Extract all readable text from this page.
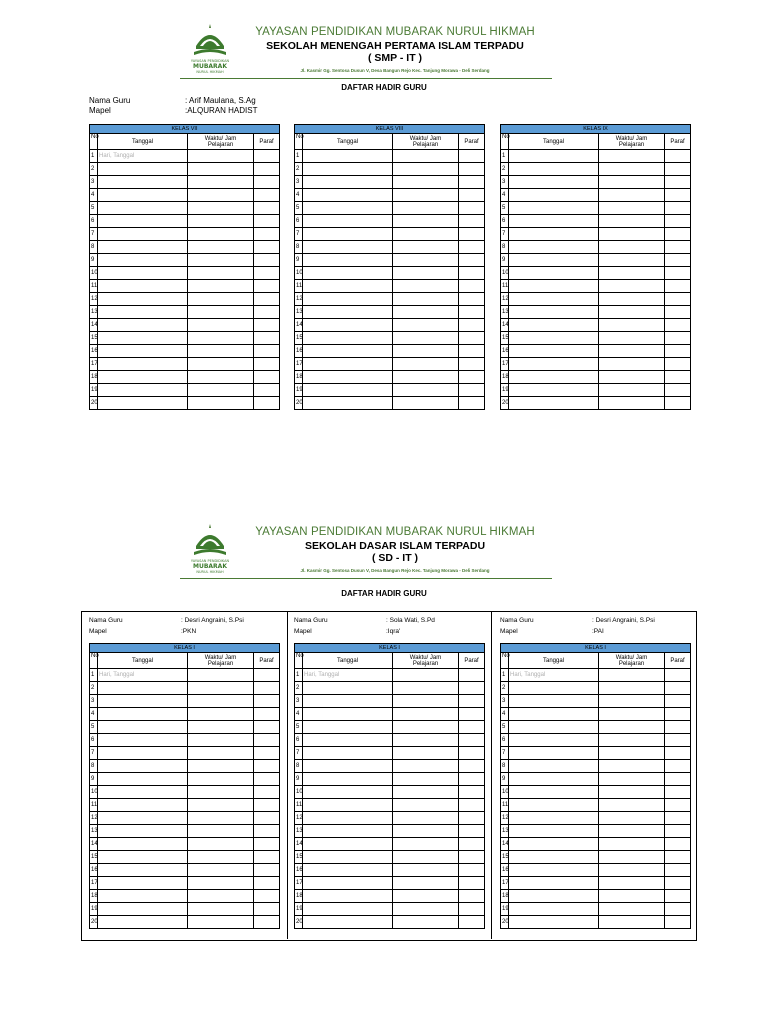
YAYASAN PENDIDIKAN
MUBARAK
NURUL HIKMAH
YAYASAN PENDIDIKAN MUBARAK NURUL HIKMAH
SEKOLAH MENENGAH PERTAMA ISLAM TERPADU
( SMP - IT )
Jl. Kasmir Gg. Sentosa Dusun V, Desa Bangun Rejo Kec. Tanjung Morawa - Deli Serdang
DAFTAR HADIR GURU
Nama Guru	: Arif Maulana, S.Ag
Mapel	:ALQURAN HADIST
KELAS VII			
No	Tanggal	Waktu/ Jam Pelajaran	Paraf
1	Hari, Tanggal		
2			
3			
4			
5			
6			
7			
8			
9			
10			
11			
12			
13			
14			
15			
16			
17			
18			
19			
20			
KELAS VIII			
No	Tanggal	Waktu/ Jam Pelajaran	Paraf
1			
2			
3			
4			
5			
6			
7			
8			
9			
10			
11			
12			
13			
14			
15			
16			
17			
18			
19			
20			
KELAS IX			
No	Tanggal	Waktu/ Jam Pelajaran	Paraf
1			
2			
3			
4			
5			
6			
7			
8			
9			
10			
11			
12			
13			
14			
15			
16			
17			
18			
19			
20			
YAYASAN PENDIDIKAN
MUBARAK
NURUL HIKMAH
YAYASAN PENDIDIKAN MUBARAK NURUL HIKMAH
SEKOLAH DASAR ISLAM TERPADU
( SD - IT )
Jl. Kasmir Gg. Sentosa Dusun V, Desa Bangun Rejo Kec. Tanjung Morawa - Deli Serdang
DAFTAR HADIR GURU
Nama Guru	: Desri Angraini, S.Psi
Mapel	:PKN
Nama Guru	: Sola Wati, S.Pd
Mapel	:Iqra'
Nama Guru	: Desri Angraini, S.Psi
Mapel	:PAI
KELAS I			
No	Tanggal	Waktu/ Jam Pelajaran	Paraf
1	Hari, Tanggal		
2			
3			
4			
5			
6			
7			
8			
9			
10			
11			
12			
13			
14			
15			
16			
17			
18			
19			
20			
KELAS I			
No	Tanggal	Waktu/ Jam Pelajaran	Paraf
1	Hari, Tanggal		
2			
3			
4			
5			
6			
7			
8			
9			
10			
11			
12			
13			
14			
15			
16			
17			
18			
19			
20			
KELAS I			
No	Tanggal	Waktu/ Jam Pelajaran	Paraf
1	Hari, Tanggal		
2			
3			
4			
5			
6			
7			
8			
9			
10			
11			
12			
13			
14			
15			
16			
17			
18			
19			
20			
